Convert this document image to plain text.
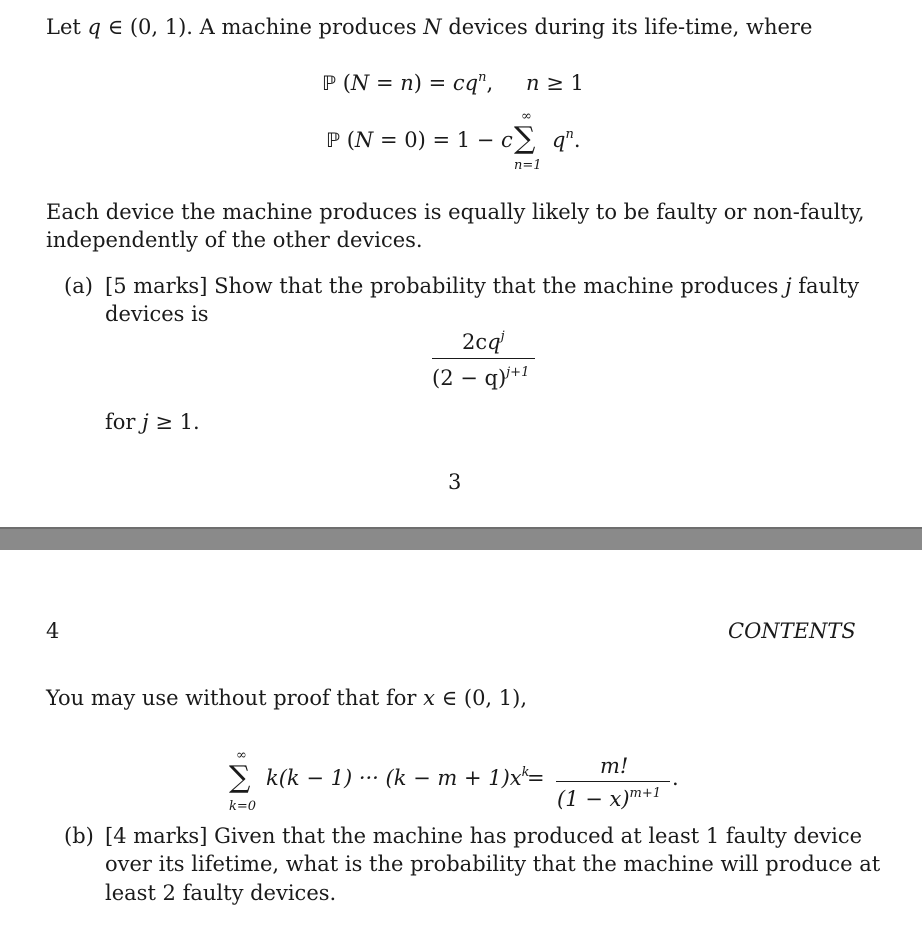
Let q ∈ (0, 1). A machine produces N devices during its life-time, where
ℙ $(N = n) = cq^n$, n ≥ 1
ℙ (N = 0) = 1 − c
∞
∑
n=1
$q^n$.
Each device the machine produces is equally likely to be faulty or non-faulty,
independently of the other devices.
(a) [5 marks] Show that the probability that the machine produces j faulty
devices is
$2cq^j$
$(2 - q)^{j+1}$
for j ≥ 1.
3
4	CONTENTS
You may use without proof that for x ∈ (0, 1),
∞
∑
k=0
k(k − 1) ··· $(k - m + 1)x^k$
=	m!
$(1 - x)^{m+1}$
.
(b) [4 marks] Given that the machine has produced at least 1 faulty device
over its lifetime, what is the probability that the machine will produce at
least 2 faulty devices.
